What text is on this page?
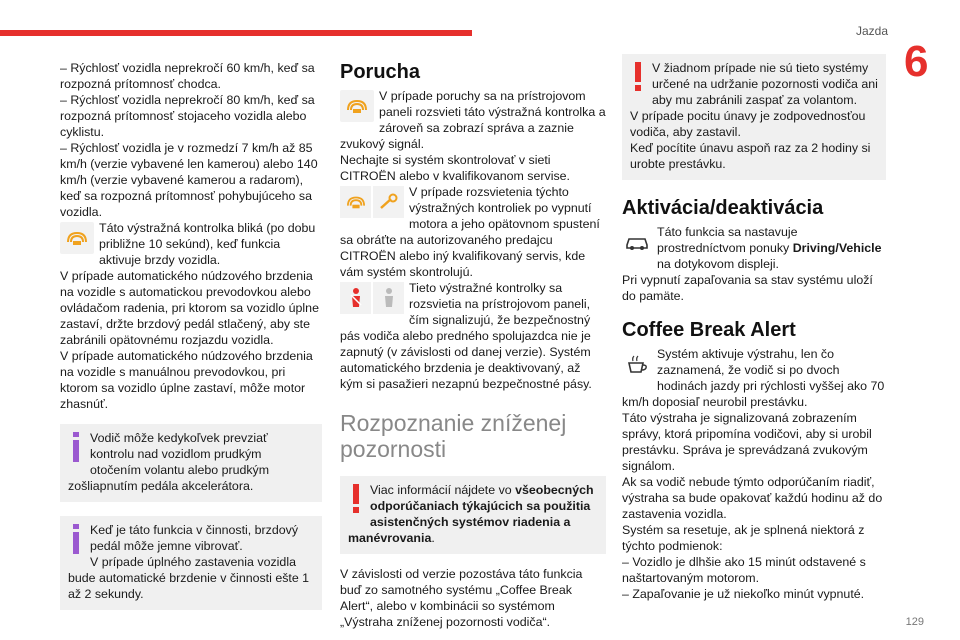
Jazda
6
129

– Rýchlosť vozidla neprekročí 60 km/h, keď sa rozpozná prítomnosť chodca.
– Rýchlosť vozidla neprekročí 80 km/h, keď sa rozpozná prítomnosť stojaceho vozidla alebo cyklistu.
– Rýchlosť vozidla je v rozmedzí 7 km/h až 85 km/h (verzie vybavené len kamerou) alebo 140 km/h (verzie vybavené kamerou a radarom), keď sa rozpozná prítomnosť pohybujúceho sa vozidla.

Táto výstražná kontrolka bliká (po dobu približne 10 sekúnd), keď funkcia aktivuje brzdy vozidla.

V prípade automatického núdzového brzdenia na vozidle s automatickou prevodovkou alebo ovládačom radenia, pri ktorom sa vozidlo úplne zastaví, držte brzdový pedál stlačený, aby ste zabránili opätovnému rozjazdu vozidla.

V prípade automatického núdzového brzdenia na vozidle s manuálnou prevodovkou, pri ktorom sa vozidlo úplne zastaví, môže motor zhasnúť.

Vodič môže kedykoľvek prevziať kontrolu nad vozidlom prudkým otočením volantu alebo prudkým zošliapnutím pedála akcelerátora.
Keď je táto funkcia v činnosti, brzdový pedál môže jemne vibrovať.
V prípade úplného zastavenia vozidla bude automatické brzdenie v činnosti ešte 1 až 2 sekundy.
Porucha
V prípade poruchy sa na prístrojovom paneli rozsvieti táto výstražná kontrolka a zároveň sa zobrazí správa a zaznie zvukový signál.
Nechajte si systém skontrolovať v sieti CITROËN alebo v kvalifikovanom servise.
V prípade rozsvietenia týchto výstražných kontroliek po vypnutí motora a jeho opätovnom spustení sa obráťte na autorizovaného predajcu CITROËN alebo iný kvalifikovaný servis, kde vám systém skontrolujú.
Tieto výstražné kontrolky sa rozsvietia na prístrojovom paneli, čím signalizujú, že bezpečnostný pás vodiča alebo predného spolujazdca nie je zapnutý (v závislosti od danej verzie). Systém automatického brzdenia je deaktivovaný, až kým si pasažieri nezapnú bezpečnostné pásy.
Rozpoznanie zníženej pozornosti
Viac informácií nájdete vo všeobecných odporúčaniach týkajúcich sa použitia asistenčných systémov riadenia a manévrovania.

V závislosti od verzie pozostáva táto funkcia buď zo samotného systému „Coffee Break Alert“, alebo v kombinácii so systémom „Výstraha zníženej pozornosti vodiča“.

V žiadnom prípade nie sú tieto systémy určené na udržanie pozornosti vodiča ani aby mu zabránili zaspať za volantom.
V prípade pocitu únavy je zodpovednosťou vodiča, aby zastavil.
Keď pocítite únavu aspoň raz za 2 hodiny si urobte prestávku.
Aktivácia/deaktivácia
Táto funkcia sa nastavuje prostredníctvom ponuky Driving/Vehicle na dotykovom displeji.

Pri vypnutí zapaľovania sa stav systému uloží do pamäte.

Coffee Break Alert
Systém aktivuje výstrahu, len čo zaznamená, že vodič si po dvoch hodinách jazdy pri rýchlosti vyššej ako 70 km/h doposiaľ neurobil prestávku.

Táto výstraha je signalizovaná zobrazením správy, ktorá pripomína vodičovi, aby si urobil prestávku. Správa je sprevádzaná zvukovým signálom.

Ak sa vodič nebude týmto odporúčaním riadiť, výstraha sa bude opakovať každú hodinu až do zastavenia vozidla.

Systém sa resetuje, ak je splnená niektorá z týchto podmienok:

– Vozidlo je dlhšie ako 15 minút odstavené s naštartovaným motorom.

– Zapaľovanie je už niekoľko minút vypnuté.
